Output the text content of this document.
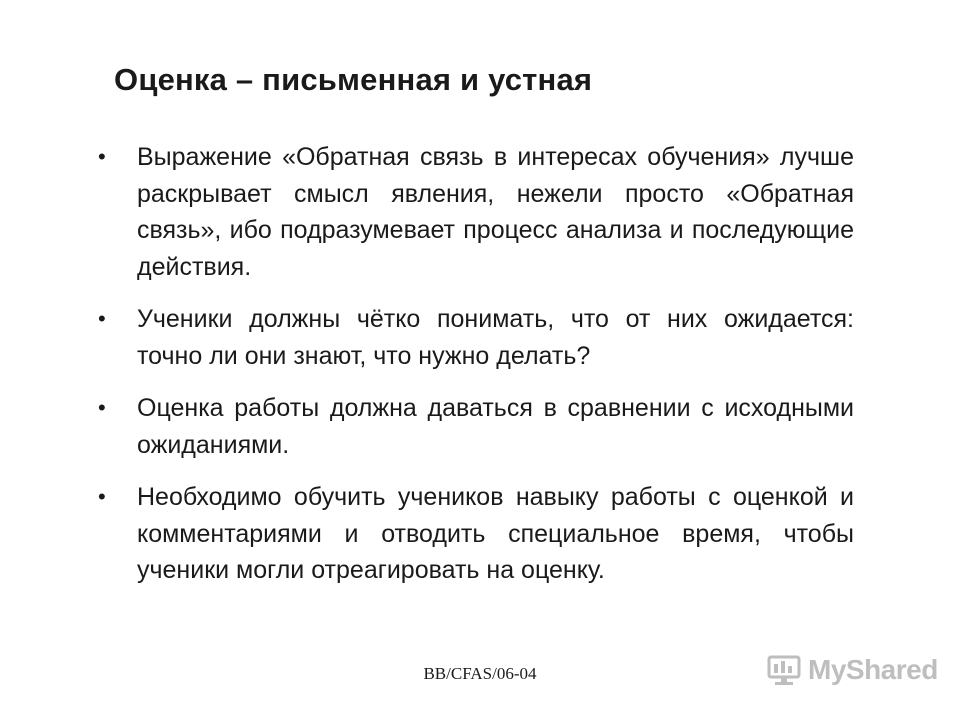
Оценка – письменная и устная
• Выражение «Обратная связь в интересах обучения» лучше раскрывает смысл явления, нежели просто «Обратная связь», ибо подразумевает процесс анализа и последующие действия.
• Ученики должны чётко понимать, что от них ожидается: точно ли они знают, что нужно делать?
• Оценка работы должна даваться в сравнении с исходными ожиданиями.
• Необходимо обучить учеников навыку работы с оценкой и комментариями и отводить специальное время, чтобы ученики могли отреагировать на оценку.
BB/CFAS/06-04	MyShared
